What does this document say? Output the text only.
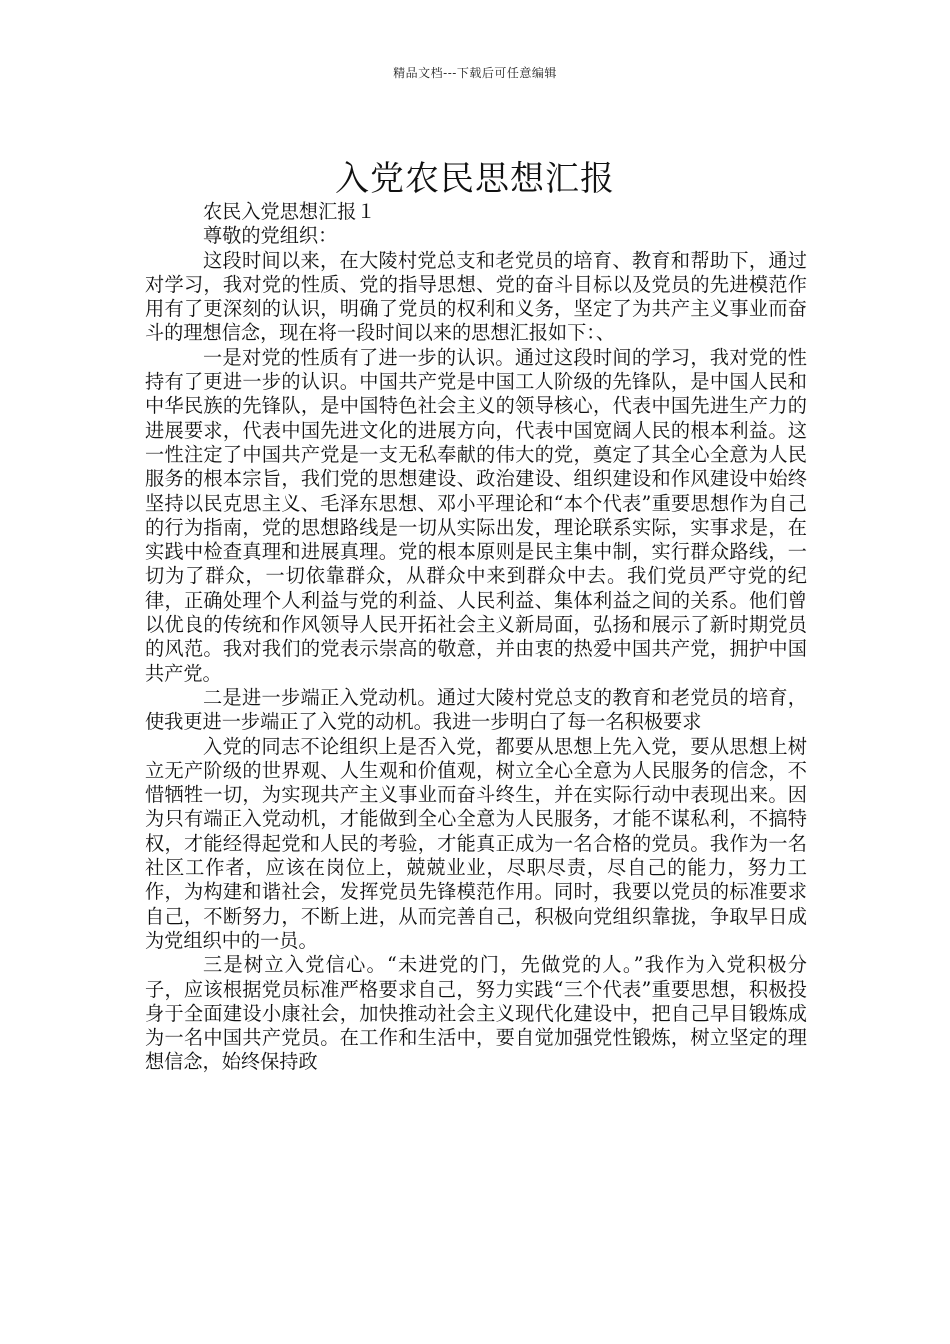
精品文档---下载后可任意编辑
入党农民思想汇报

农民入党思想汇报１

尊敬的党组织：

这段时间以来，在大陵村党总支和老党员的培育、教育和帮助下，通过对学习，我对党的性质、党的指导思想、党的奋斗目标以及党员的先进模范作用有了更深刻的认识，明确了党员的权利和义务，坚定了为共产主义事业而奋斗的理想信念，现在将一段时间以来的思想汇报如下：、

一是对党的性质有了进一步的认识。通过这段时间的学习，我对党的性持有了更进一步的认识。中国共产党是中国工人阶级的先锋队，是中国人民和中华民族的先锋队，是中国特色社会主义的领导核心，代表中国先进生产力的进展要求，代表中国先进文化的进展方向，代表中国宽阔人民的根本利益。这一性注定了中国共产党是一支无私奉献的伟大的党，奠定了其全心全意为人民服务的根本宗旨，我们党的思想建设、政治建设、组织建设和作风建设中始终坚持以民克思主义、毛泽东思想、邓小平理论和“本个代表”重要思想作为自己的行为指南，党的思想路线是一切从实际出发，理论联系实际，实事求是，在实践中检查真理和进展真理。党的根本原则是民主集中制，实行群众路线，一切为了群众，一切依靠群众，从群众中来到群众中去。我们党员严守党的纪律，正确处理个人利益与党的利益、人民利益、集体利益之间的关系。他们曾以优良的传统和作风领导人民开拓社会主义新局面，弘扬和展示了新时期党员的风范。我对我们的党表示崇高的敬意，并由衷的热爱中国共产党，拥护中国共产党。

二是进一步端正入党动机。通过大陵村党总支的教育和老党员的培育，使我更进一步端正了入党的动机。我进一步明白了每一名积极要求

入党的同志不论组织上是否入党，都要从思想上先入党，要从思想上树立无产阶级的世界观、人生观和价值观，树立全心全意为人民服务的信念，不惜牺牲一切，为实现共产主义事业而奋斗终生，并在实际行动中表现出来。因为只有端正入党动机，才能做到全心全意为人民服务，才能不谋私利，不搞特权，才能经得起党和人民的考验，才能真正成为一名合格的党员。我作为一名社区工作者，应该在岗位上，兢兢业业，尽职尽责，尽自己的能力，努力工作，为构建和谐社会，发挥党员先锋模范作用。同时，我要以党员的标准要求自己，不断努力，不断上进，从而完善自己，积极向党组织靠拢，争取早日成为党组织中的一员。

三是树立入党信心。“未进党的门，先做党的人。”我作为入党积极分子，应该根据党员标准严格要求自己，努力实践“三个代表”重要思想，积极投身于全面建设小康社会，加快推动社会主义现代化建设中，把自己早目锻炼成为一名中国共产党员。在工作和生活中，要自觉加强党性锻炼，树立坚定的理想信念，始终保持政
